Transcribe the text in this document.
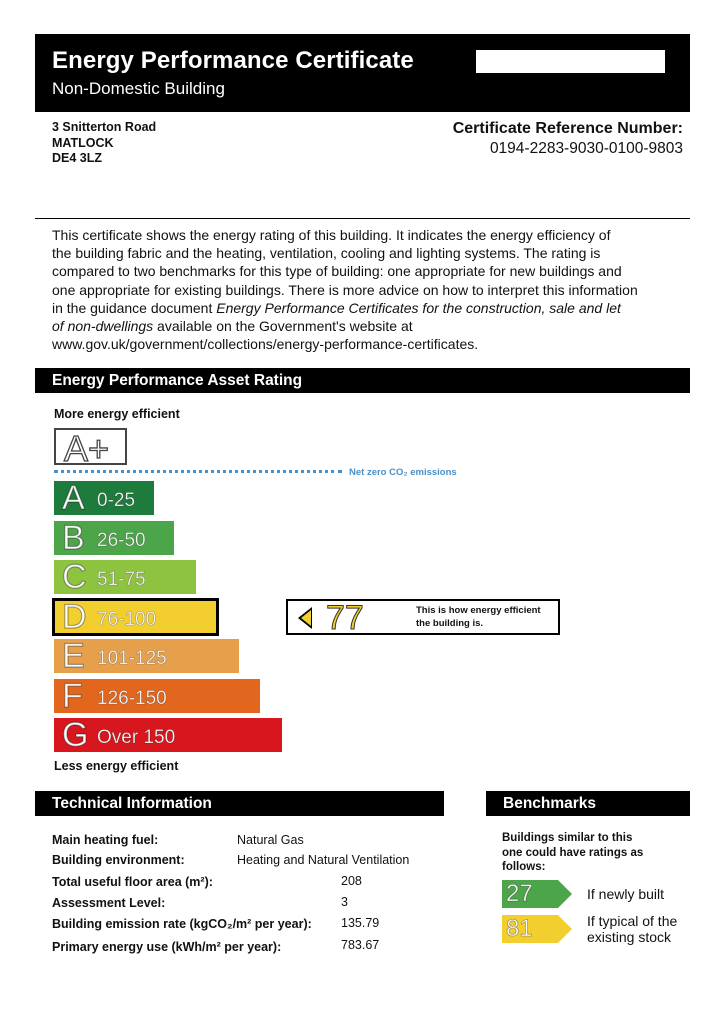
Energy Performance Certificate
Non-Domestic Building
3 Snitterton Road
MATLOCK
DE4 3LZ
Certificate Reference Number:
0194-2283-9030-0100-9803
This certificate shows the energy rating of this building. It indicates the energy efficiency of
the building fabric and the heating, ventilation, cooling and lighting systems. The rating is
compared to two benchmarks for this type of building: one appropriate for new buildings and
one appropriate for existing buildings. There is more advice on how to interpret this information
in the guidance document Energy Performance Certificates for the construction, sale and let
of non-dwellings available on the Government's website at
www.gov.uk/government/collections/energy-performance-certificates.
Energy Performance Asset Rating
More energy efficient
A+
Net zero CO₂ emissions
A 0-25
B 26-50
C 51-75
D 76-100
E 101-125
F 126-150
G Over 150
77	This is how energy efficient
the building is.
Less energy efficient
Technical Information
Main heating fuel:	Natural Gas
Building environment:	Heating and Natural Ventilation
Total useful floor area (m²):	208
Assessment Level:	3
Building emission rate (kgCO₂/m² per year): 135.79
Primary energy use (kWh/m² per year):	783.67
Benchmarks
Buildings similar to this
one could have ratings as
follows:
27	If newly built
81	If typical of the
existing stock
